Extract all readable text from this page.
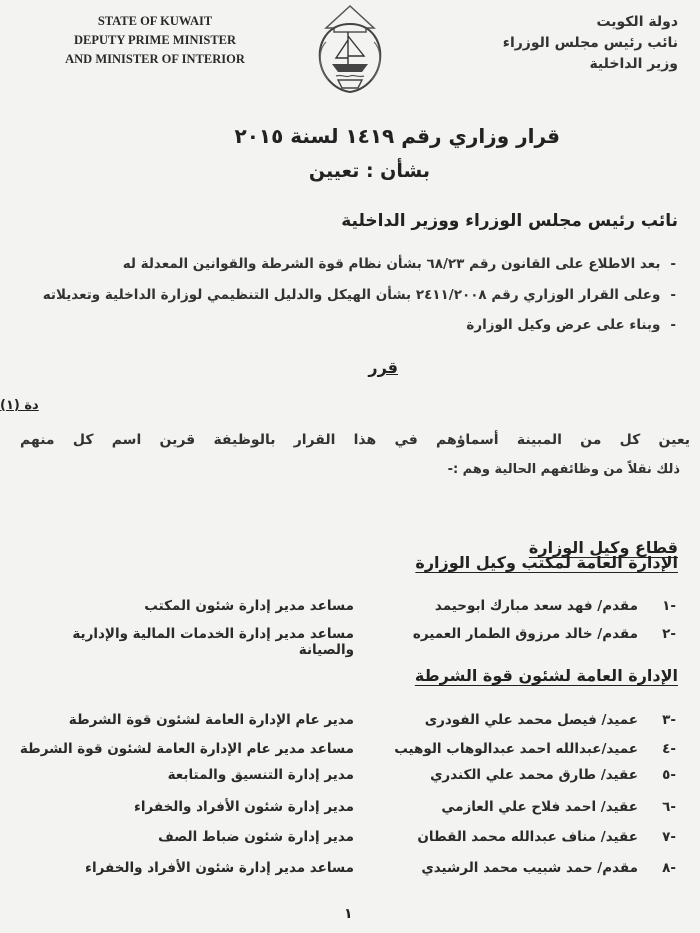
STATE OF KUWAIT
DEPUTY PRIME MINISTER
AND MINISTER OF INTERIOR
دولة الكويت
نائب رئيس مجلس الوزراء
وزير الداخلية
قرار وزاري رقم ١٤١٩ لسنة ٢٠١٥
بشأن : تعيين
نائب رئيس مجلس الوزراء ووزير الداخلية
-بعد الاطلاع على القانون رقم ٦٨/٢٣ بشأن نظام قوة الشرطة والقوانين المعدلة له
-وعلى القرار الوزاري رقم ٢٤١١/٢٠٠٨ بشأن الهيكل والدليل التنظيمي لوزارة الداخلية وتعديلاته
-وبناء على عرض وكيل الوزارة
قرر
دة (١)
يعين كل من المبينة أسماؤهم في هذا القرار بالوظيفة قرين اسم كل منهم
ذلك نقلاً من وظائفهم الحالية وهم :-
قطاع وكيل الوزارة
الإدارة العامة لمكتب وكيل الوزارة
-١
مقدم/ فهد سعد مبارك ابوحيمد
مساعد مدير إدارة شئون المكتب
-٢
مقدم/ خالد مرزوق الطمار العميره
مساعد مدير إدارة الخدمات المالية والإدارية والصيانة
الإدارة العامة لشئون قوة الشرطة
-٣
عميد/ فيصل محمد علي الفودرى
مدير عام الإدارة العامة لشئون قوة الشرطة
-٤
عميد/عبدالله احمد عبدالوهاب الوهيب
مساعد مدير عام الإدارة العامة لشئون قوة الشرطة
-٥
عقيد/ طارق محمد علي الكندري
مدير إدارة التنسيق والمتابعة
-٦
عقيد/ احمد فلاح علي العازمي
مدير إدارة شئون الأفراد والخفراء
-٧
عقيد/ مناف عبدالله محمد القطان
مدير إدارة شئون ضباط الصف
-٨
مقدم/ حمد شبيب محمد الرشيدي
مساعد مدير إدارة شئون الأفراد والخفراء
١
